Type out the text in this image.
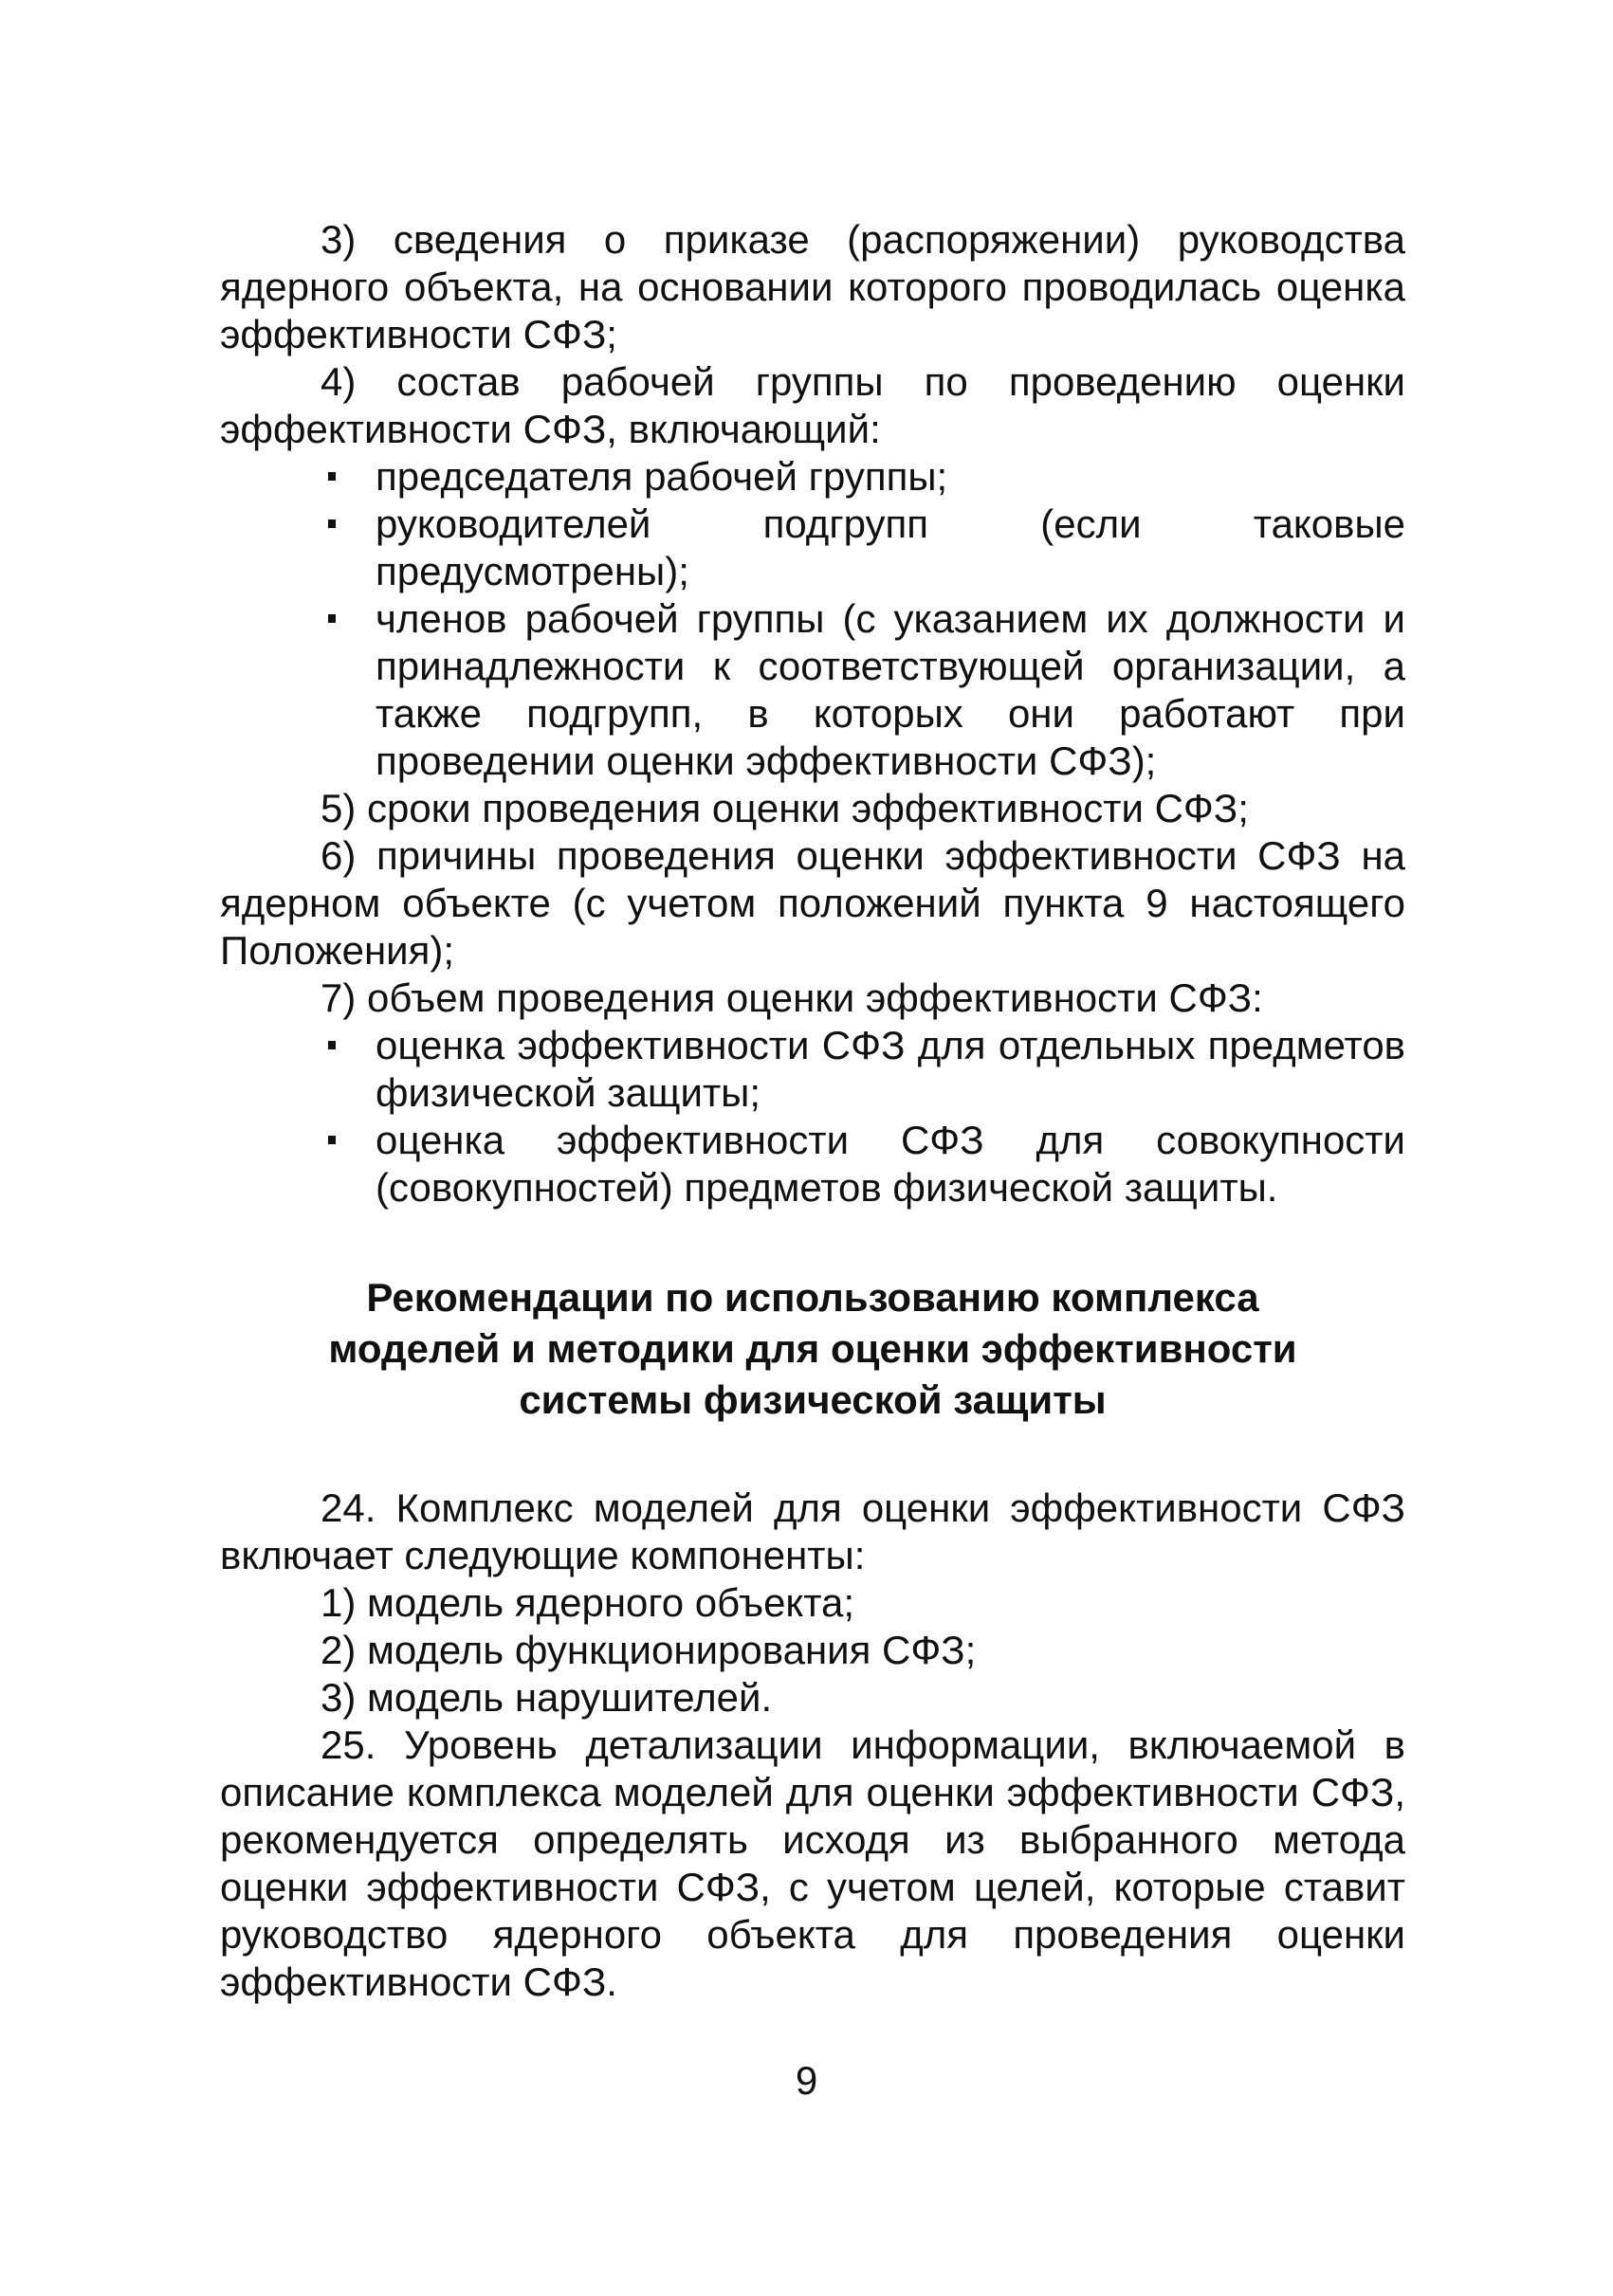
3) сведения о приказе (распоряжении) руководства ядерного объекта, на основании которого проводилась оценка эффективности СФЗ;

4) состав рабочей группы по проведению оценки эффективности СФЗ, включающий:

председателя рабочей группы;
руководителей подгрупп (если таковые предусмотрены);
членов рабочей группы (с указанием их должности и принадлежности к соответствующей организации, а также подгрупп, в которых они работают при проведении оценки эффективности СФЗ);

5) сроки проведения оценки эффективности СФЗ;

6) причины проведения оценки эффективности СФЗ на ядерном объекте (с учетом положений пункта 9 настоящего Положения);

7) объем проведения оценки эффективности СФЗ:

оценка эффективности СФЗ для отдельных предметов физической защиты;
оценка эффективности СФЗ для совокупности (совокупностей) предметов физической защиты.
Рекомендации по использованию комплекса
моделей и методики для оценки эффективности
системы физической защиты

24. Комплекс моделей для оценки эффективности СФЗ включает следующие компоненты:

1) модель ядерного объекта;

2) модель функционирования СФЗ;

3) модель нарушителей.

25. Уровень детализации информации, включаемой в описание комплекса моделей для оценки эффективности СФЗ, рекомендуется определять исходя из выбранного метода оценки эффективности СФЗ, с учетом целей, которые ставит руководство ядерного объекта для проведения оценки эффективности СФЗ.

9
